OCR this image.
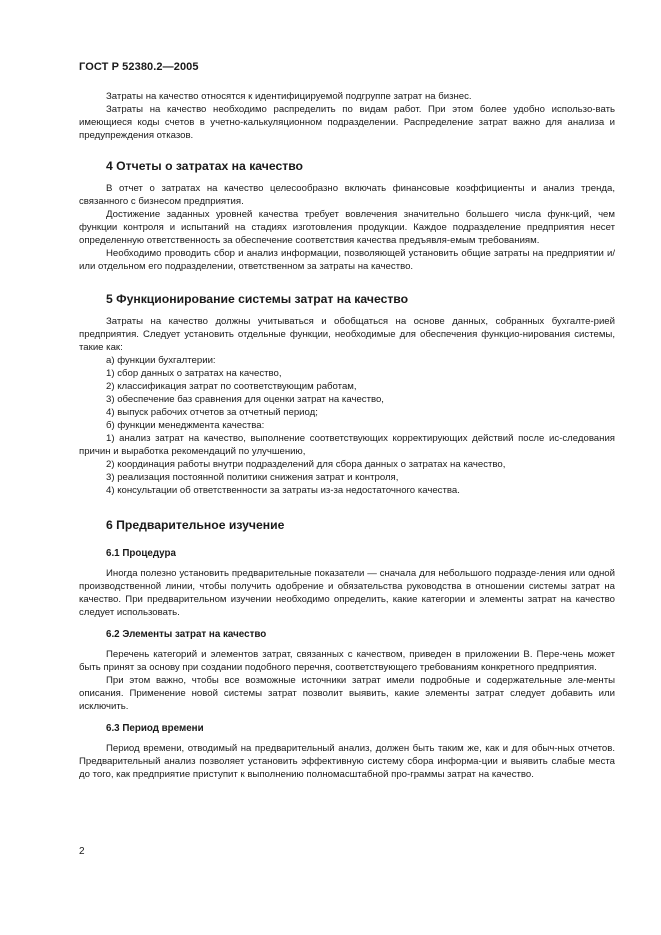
ГОСТ Р 52380.2—2005

Затраты на качество относятся к идентифицируемой подгруппе затрат на бизнес.

Затраты на качество необходимо распределить по видам работ. При этом более удобно использо-вать имеющиеся коды счетов в учетно-калькуляционном подразделении. Распределение затрат важно для анализа и предупреждения отказов.

4 Отчеты о затратах на качество

В отчет о затратах на качество целесообразно включать финансовые коэффициенты и анализ тренда, связанного с бизнесом предприятия.

Достижение заданных уровней качества требует вовлечения значительно большего числа функ-ций, чем функции контроля и испытаний на стадиях изготовления продукции. Каждое подразделение предприятия несет определенную ответственность за обеспечение соответствия качества предъявля-емым требованиям.

Необходимо проводить сбор и анализ информации, позволяющей установить общие затраты на предприятии и/или отдельном его подразделении, ответственном за затраты на качество.

5 Функционирование системы затрат на качество

Затраты на качество должны учитываться и обобщаться на основе данных, собранных бухгалте-рией предприятия. Следует установить отдельные функции, необходимые для обеспечения функцио-нирования системы, такие как:

а) функции бухгалтерии:

1) сбор данных о затратах на качество,

2) классификация затрат по соответствующим работам,

3) обеспечение баз сравнения для оценки затрат на качество,

4) выпуск рабочих отчетов за отчетный период;

б) функции менеджмента качества:

1) анализ затрат на качество, выполнение соответствующих корректирующих действий после ис-следования причин и выработка рекомендаций по улучшению,

2) координация работы внутри подразделений для сбора данных о затратах на качество,

3) реализация постоянной политики снижения затрат и контроля,

4) консультации об ответственности за затраты из-за недостаточного качества.

6 Предварительное изучение
6.1 Процедура

Иногда полезно установить предварительные показатели — сначала для небольшого подразде-ления или одной производственной линии, чтобы получить одобрение и обязательства руководства в отношении системы затрат на качество. При предварительном изучении необходимо определить, какие категории и элементы затрат на качество следует использовать.

6.2 Элементы затрат на качество

Перечень категорий и элементов затрат, связанных с качеством, приведен в приложении В. Пере-чень может быть принят за основу при создании подобного перечня, соответствующего требованиям конкретного предприятия.

При этом важно, чтобы все возможные источники затрат имели подробные и содержательные эле-менты описания. Применение новой системы затрат позволит выявить, какие элементы затрат следует добавить или исключить.

6.3 Период времени

Период времени, отводимый на предварительный анализ, должен быть таким же, как и для обыч-ных отчетов. Предварительный анализ позволяет установить эффективную систему сбора информа-ции и выявить слабые места до того, как предприятие приступит к выполнению полномасштабной про-граммы затрат на качество.

2
